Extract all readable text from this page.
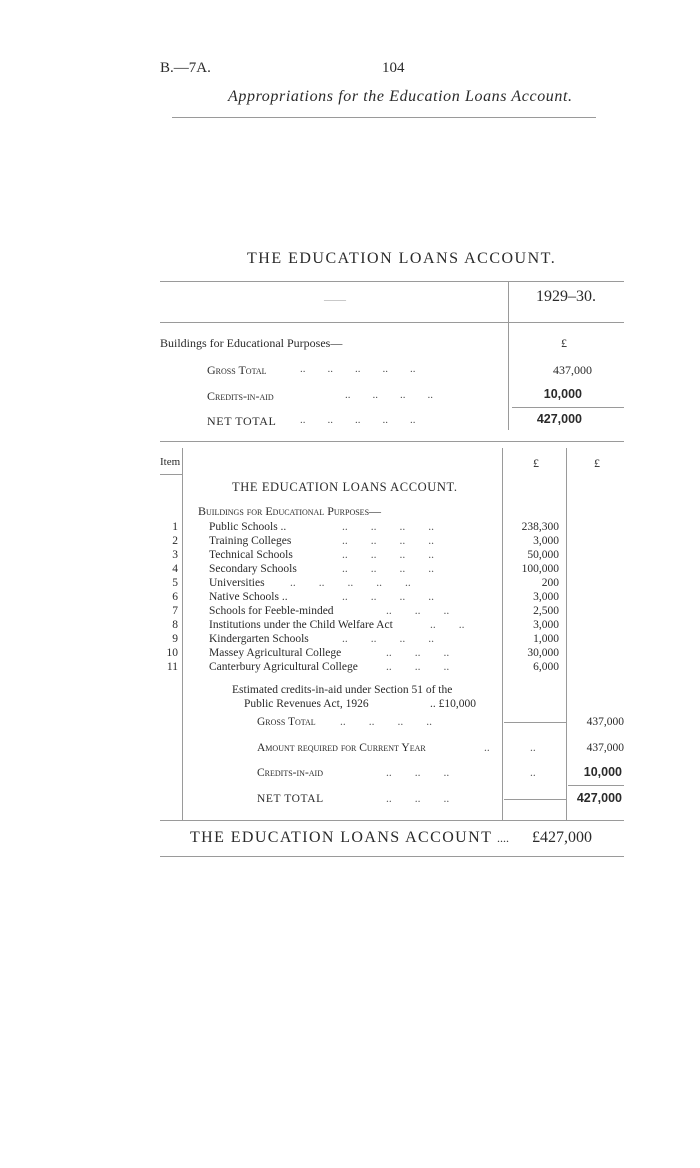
B.—7A.	104
Appropriations for the Education Loans Account.
THE EDUCATION LOANS ACCOUNT.
——	1929–30.
Buildings for Educational Purposes—	£
Gross Total	..        ..        ..        ..        ..	437,000
Credits-in-aid	..        ..        ..        ..	10,000
NET TOTAL ..        ..        ..        ..        ..	427,000
Item	£	£
THE EDUCATION LOANS ACCOUNT.
Buildings for Educational Purposes—
1	Public Schools ..	..        ..        ..        ..	238,300
2	Training Colleges	..        ..        ..        ..	3,000
3	Technical Schools	..        ..        ..        ..	50,000
4	Secondary Schools	..        ..        ..        ..	100,000
5	Universities ..        ..        ..        ..        ..	200
6	Native Schools ..	..        ..        ..        ..	3,000
7	Schools for Feeble-minded	..        ..        ..	2,500
8	Institutions under the Child Welfare Act	..        ..	3,000
9	Kindergarten Schools	..        ..        ..        ..	1,000
10	Massey Agricultural College	..        ..        ..	30,000
11	Canterbury Agricultural College ..        ..        ..	6,000
Estimated credits-in-aid under Section 51 of the
Public Revenues Act, 1926	.. £10,000
Gross Total ..        ..        ..        ..	437,000
Amount required for Current Year	..	..	437,000
Credits-in-aid	..        ..        ..	..	10,000
NET TOTAL	..        ..        ..	427,000
THE EDUCATION LOANS ACCOUNT .... £427,000
